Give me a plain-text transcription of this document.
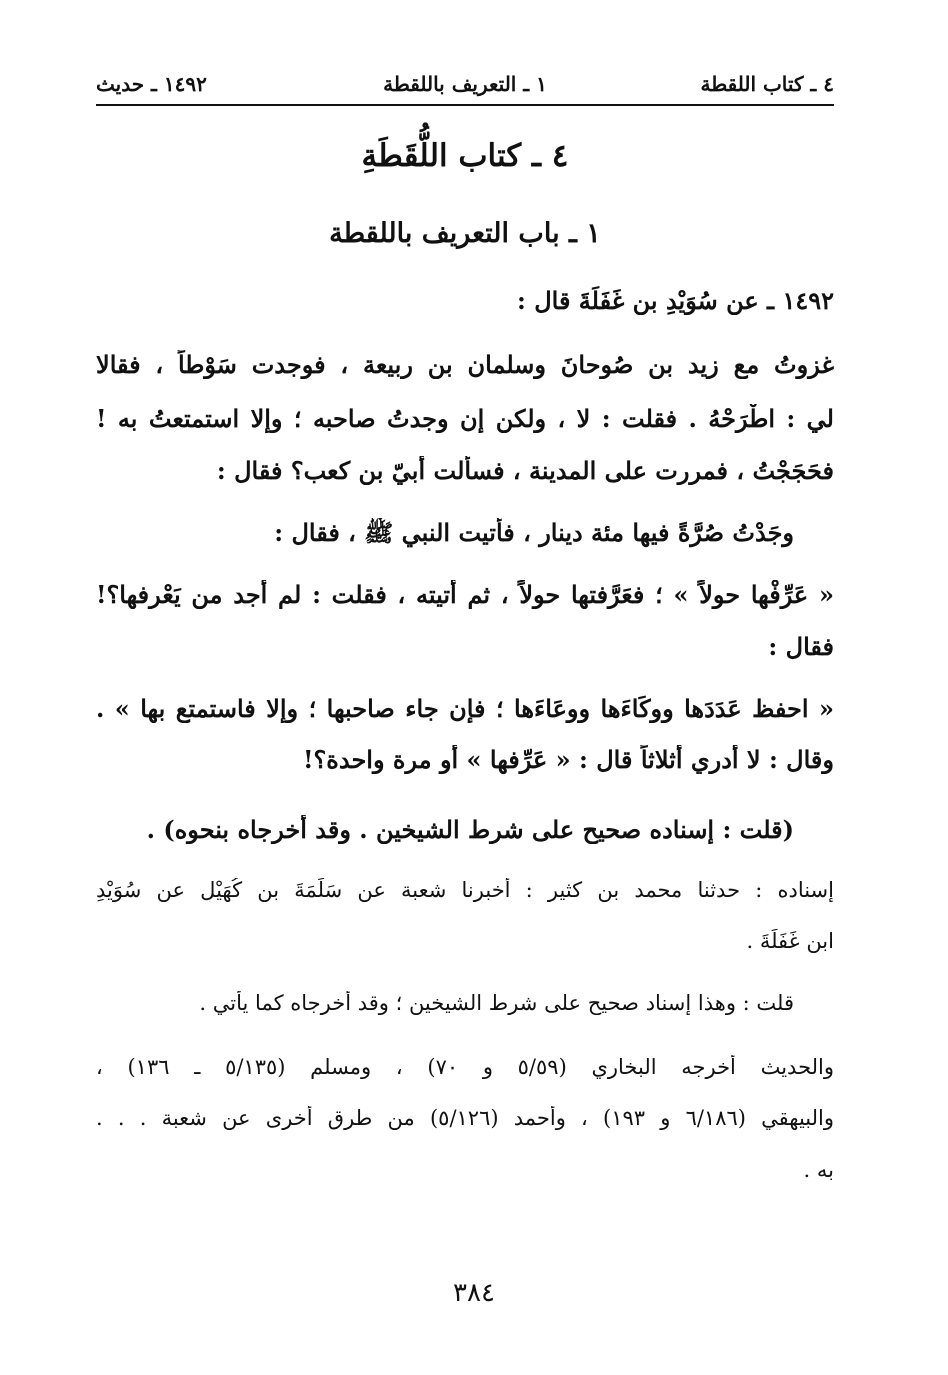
٤ ـ كتاب اللقطة
١ ـ التعريف باللقطة
١٤٩٢ ـ حديث
٤ ـ كتاب اللُّقَطَةِ
١ ـ باب التعريف باللقطة
١٤٩٢ ـ عن سُوَيْدِ بن غَفَلَةَ قال :
غزوتُ مع زيد بن صُوحانَ وسلمان بن ربيعة ، فوجدت سَوْطاً ، فقالا
لي : اطْرَحْهُ . فقلت : لا ، ولكن إن وجدتُ صاحبه ؛ وإلا استمتعتُ به !
فحَجَجْتُ ، فمررت على المدينة ، فسألت أُبيّ بن كعب؟ فقال :
وجَدْتُ صُرَّةً فيها مئة دينار ، فأتيت النبي ﷺ ، فقال :
« عَرِّفْها حولاً » ؛ فعَرَّفتها حولاً ، ثم أتيته ، فقلت : لم أجد من يَعْرِفها؟!
فقال :
« احفظ عَدَدَها ووكَاءَها ووعَاءَها ؛ فإن جاء صاحبها ؛ وإلا فاستمتع بها » .
وقال : لا أدري أثلاثاً قال : « عَرِّفها » أو مرة واحدة؟!
(قلت : إسناده صحيح على شرط الشيخين . وقد أخرجاه بنحوه) .
إسناده : حدثنا محمد بن كثير : أخبرنا شعبة عن سَلَمَةَ بن كُهَيْلٍ عن سُوَيْدِ
ابن غَفَلَةَ .
قلت : وهذا إسناد صحيح على شرط الشيخين ؛ وقد أخرجاه كما يأتي .
والحديث أخرجه البخاري (٥/٥٩ و ٧٠) ، ومسلم (٥/١٣٥ ـ ١٣٦) ،
والبيهقي (٦/١٨٦ و ١٩٣) ، وأحمد (٥/١٢٦) من طرق أخرى عن شعبة . . .
به .
٣٨٤
